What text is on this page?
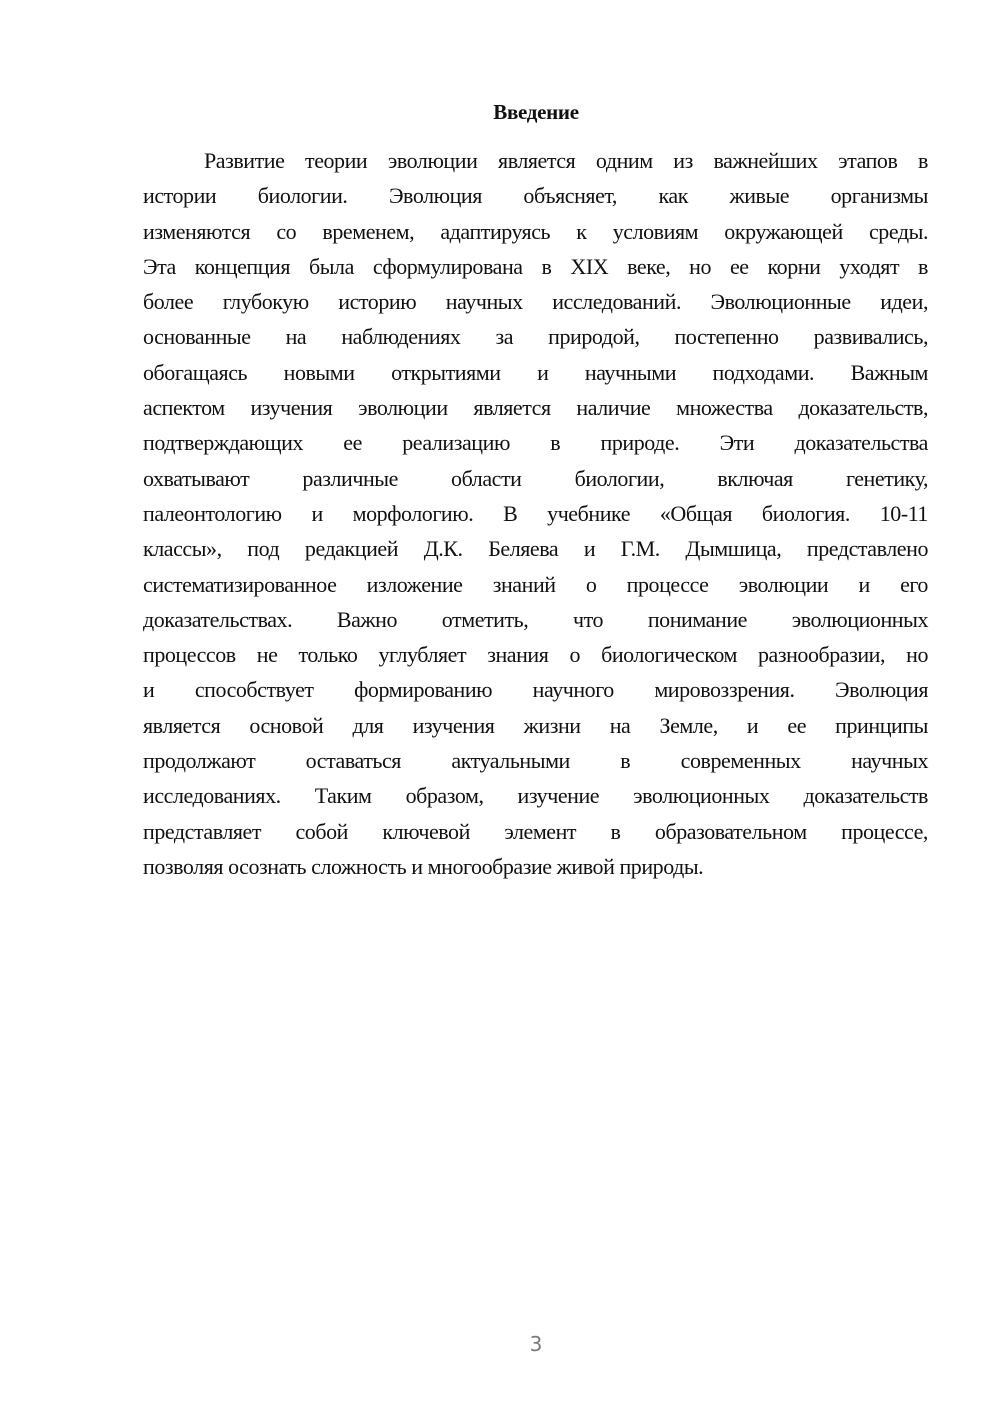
Введение
Развитие теории эволюции является одним из важнейших этапов в
истории биологии. Эволюция объясняет, как живые организмы
изменяются со временем, адаптируясь к условиям окружающей среды.
Эта концепция была сформулирована в XIX веке, но ее корни уходят в
более глубокую историю научных исследований. Эволюционные идеи,
основанные на наблюдениях за природой, постепенно развивались,
обогащаясь новыми открытиями и научными подходами. Важным
аспектом изучения эволюции является наличие множества доказательств,
подтверждающих ее реализацию в природе. Эти доказательства
охватывают различные области биологии, включая генетику,
палеонтологию и морфологию. В учебнике «Общая биология. 10-11
классы», под редакцией Д.К. Беляева и Г.М. Дымшица, представлено
систематизированное изложение знаний о процессе эволюции и его
доказательствах. Важно отметить, что понимание эволюционных
процессов не только углубляет знания о биологическом разнообразии, но
и способствует формированию научного мировоззрения. Эволюция
является основой для изучения жизни на Земле, и ее принципы
продолжают оставаться актуальными в современных научных
исследованиях. Таким образом, изучение эволюционных доказательств
представляет собой ключевой элемент в образовательном процессе,
позволяя осознать сложность и многообразие живой природы.
3
